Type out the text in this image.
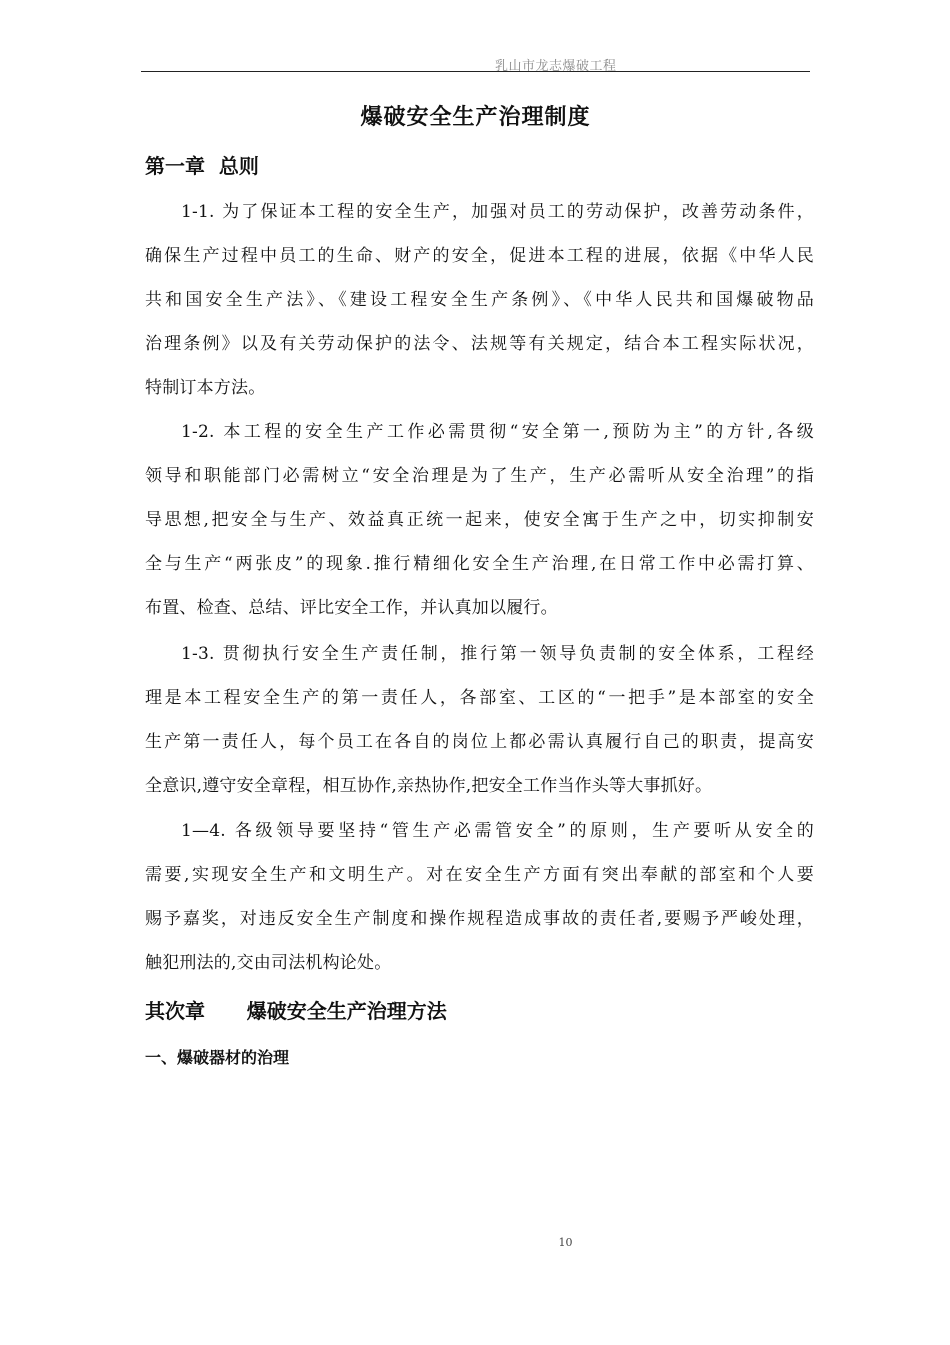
乳山市龙志爆破工程
爆破安全生产治理制度
第一章  总则
1-1. 为了保证本工程的安全生产，加强对员工的劳动保护，改善劳动条件，
确保生产过程中员工的生命、财产的安全，促进本工程的进展，依据《中华人民
共和国安全生产法》、《建设工程安全生产条例》、《中华人民共和国爆破物品
治理条例》以及有关劳动保护的法令、法规等有关规定，结合本工程实际状况，
特制订本方法。
1-2. 本工程的安全生产工作必需贯彻“安全第一,预防为主”的方针,各级
领导和职能部门必需树立“安全治理是为了生产，生产必需听从安全治理”的指
导思想,把安全与生产、效益真正统一起来，使安全寓于生产之中，切实抑制安
全与生产“两张皮”的现象.推行精细化安全生产治理,在日常工作中必需打算、
布置、检查、总结、评比安全工作，并认真加以履行。
1-3. 贯彻执行安全生产责任制，推行第一领导负责制的安全体系，工程经
理是本工程安全生产的第一责任人，各部室、工区的“一把手”是本部室的安全
生产第一责任人，每个员工在各自的岗位上都必需认真履行自己的职责，提高安
全意识,遵守安全章程，相互协作,亲热协作,把安全工作当作头等大事抓好。
1—4. 各级领导要坚持“管生产必需管安全”的原则，生产要听从安全的
需要,实现安全生产和文明生产。对在安全生产方面有突出奉献的部室和个人要
赐予嘉奖，对违反安全生产制度和操作规程造成事故的责任者,要赐予严峻处理，
触犯刑法的,交由司法机构论处。
其次章      爆破安全生产治理方法
一、爆破器材的治理
10
